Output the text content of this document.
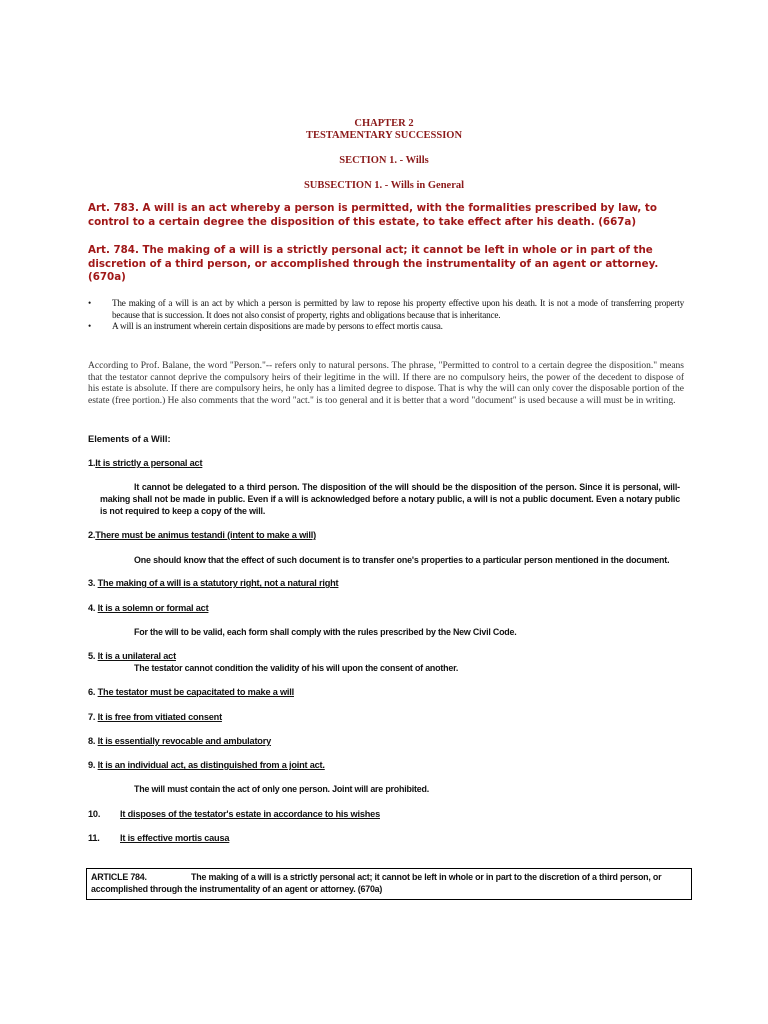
CHAPTER 2
TESTAMENTARY SUCCESSION
SECTION 1. - Wills
SUBSECTION 1. - Wills in General
Art. 783. A will is an act whereby a person is permitted, with the formalities prescribed by law, to control to a certain degree the disposition of this estate, to take effect after his death. (667a)
Art. 784. The making of a will is a strictly personal act; it cannot be left in whole or in part of the discretion of a third person, or accomplished through the instrumentality of an agent or attorney. (670a)
• The making of a will is an act by which a person is permitted by law to repose his property effective upon his death. It is not a mode of transferring property because that is succession. It does not also consist of property, rights and obligations because that is inheritance.
• A will is an instrument wherein certain dispositions are made by persons to effect mortis causa.
According to Prof. Balane, the word "Person."-- refers only to natural persons. The phrase, "Permitted to control to a certain degree the disposition." means that the testator cannot deprive the compulsory heirs of their legitime in the will. If there are no compulsory heirs, the power of the decedent to dispose of his estate is absolute. If there are compulsory heirs, he only has a limited degree to dispose. That is why the will can only cover the disposable portion of the estate (free portion.) He also comments that the word "act." is too general and it is better that a word "document" is used because a will must be in writing.
Elements of a Will:
1.It is strictly a personal act
It cannot be delegated to a third person. The disposition of the will should be the disposition of the person. Since it is personal, will-making shall not be made in public. Even if a will is acknowledged before a notary public, a will is not a public document. Even a notary public is not required to keep a copy of the will.
2.There must be animus testandi (intent to make a will)
One should know that the effect of such document is to transfer one's properties to a particular person mentioned in the document.
3. The making of a will is a statutory right, not a natural right
4. It is a solemn or formal act
For the will to be valid, each form shall comply with the rules prescribed by the New Civil Code.
5. It is a unilateral act
The testator cannot condition the validity of his will upon the consent of another.
6. The testator must be capacitated to make a will
7. It is free from vitiated consent
8. It is essentially revocable and ambulatory
9. It is an individual act, as distinguished from a joint act.
The will must contain the act of only one person. Joint will are prohibited.
10. It disposes of the testator's estate in accordance to his wishes
11. It is effective mortis causa
ARTICLE 784.	The making of a will is a strictly personal act; it cannot be left in whole or in part to the discretion of a third person, or accomplished through the instrumentality of an agent or attorney. (670a)
